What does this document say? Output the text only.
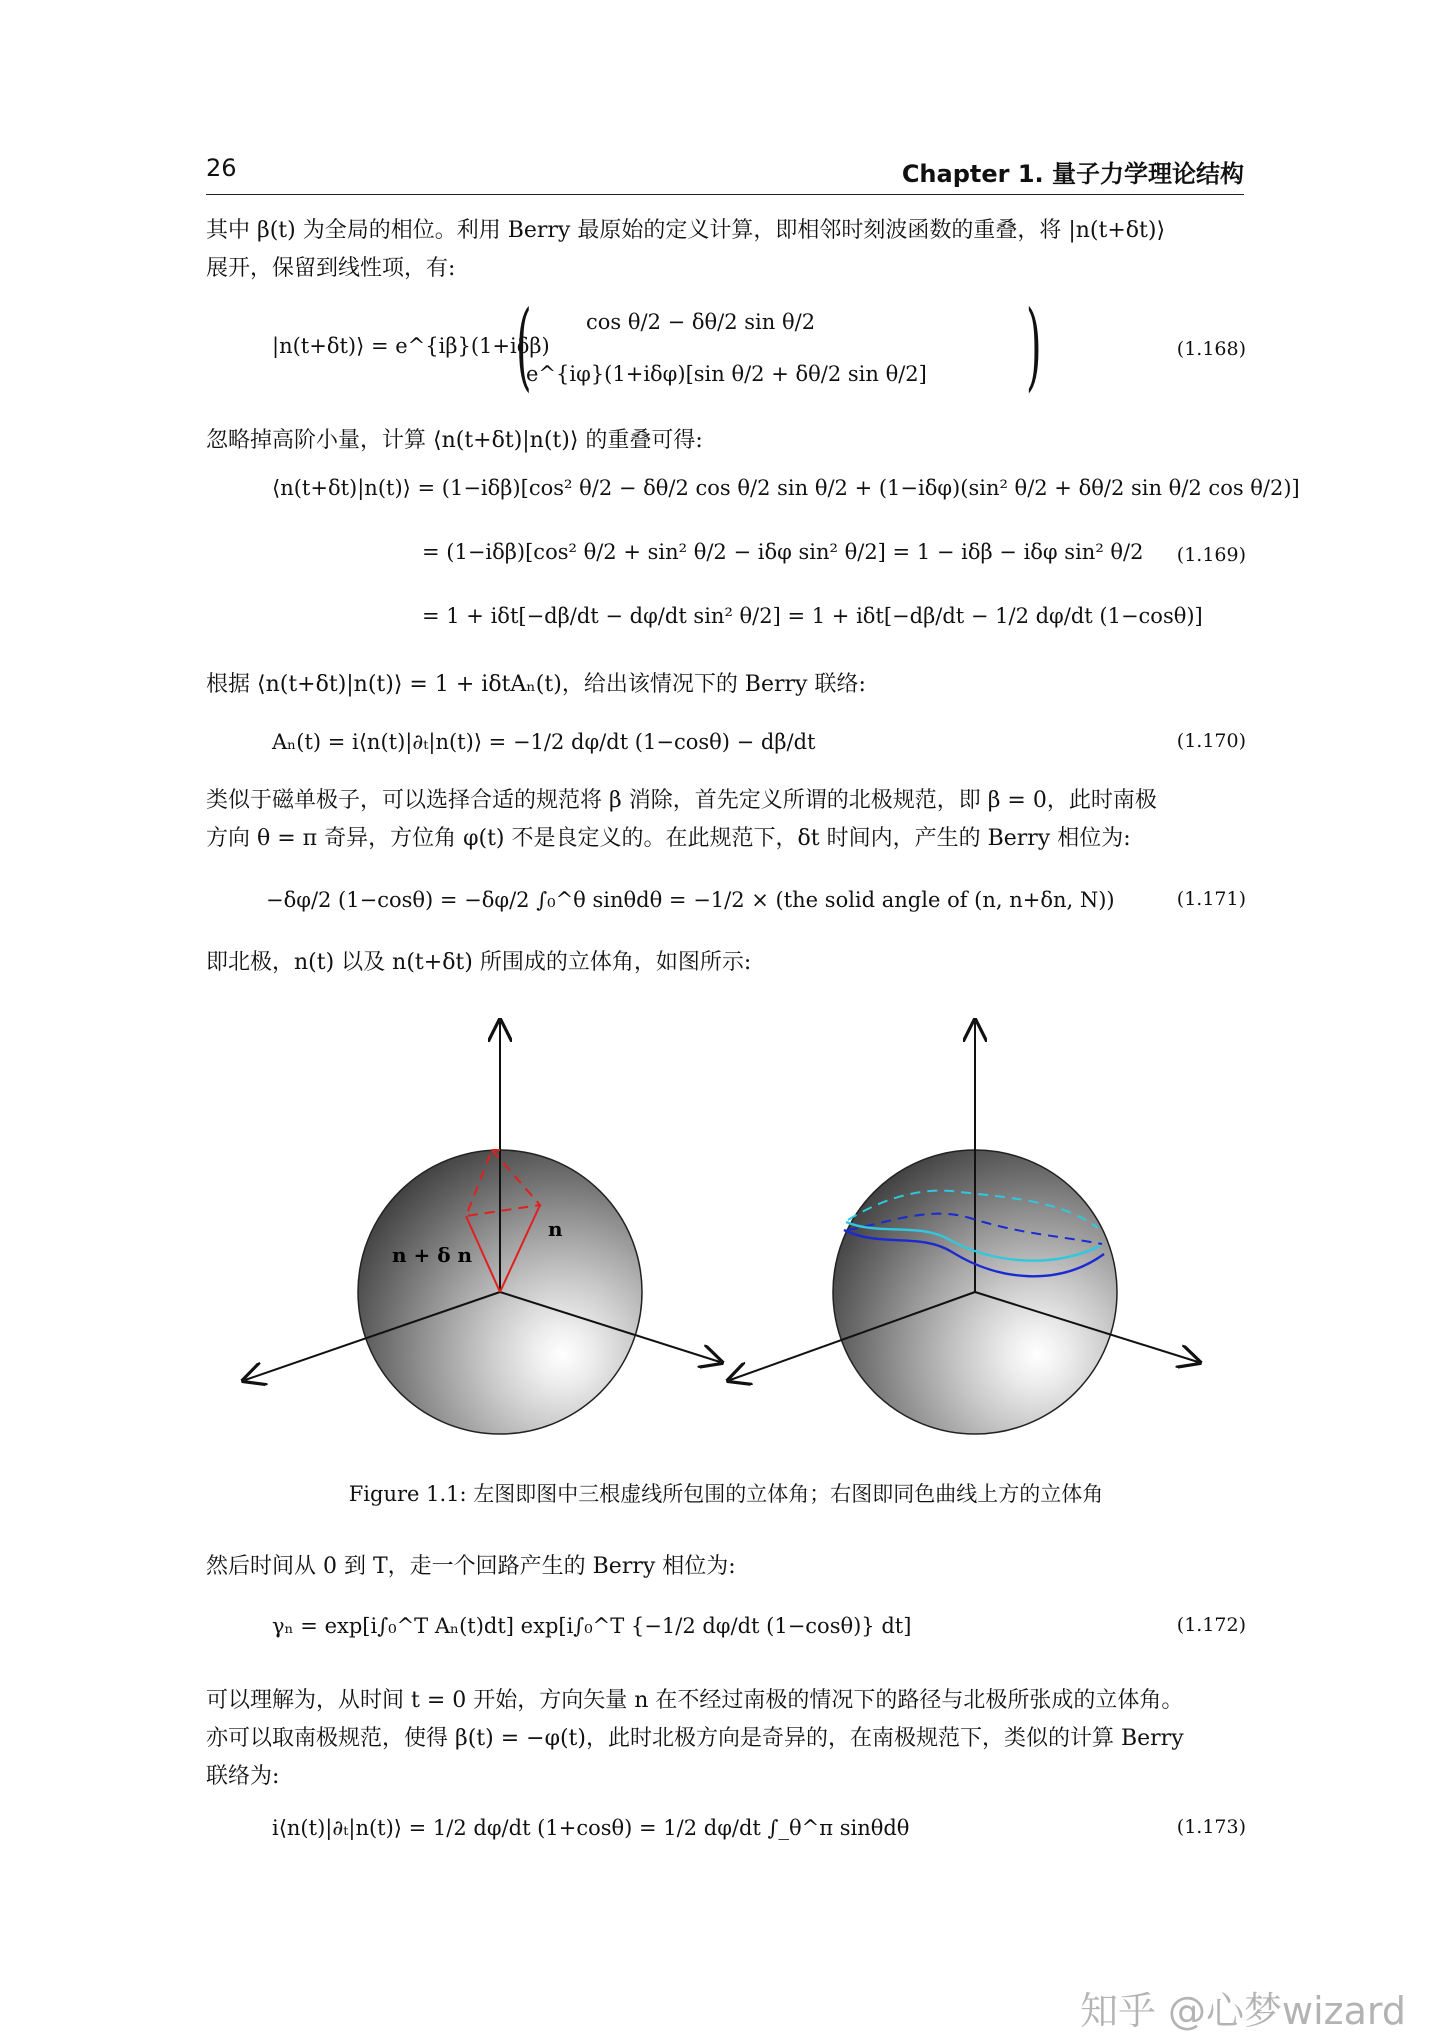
26	Chapter 1. 量子力学理论结构
其中 β(t) 为全局的相位。利用 Berry 最原始的定义计算，即相邻时刻波函数的重叠，将 |n(t+δt)⟩
展开，保留到线性项，有:
|n(t+δt)⟩ = e^{iβ}(1+iδβ)
(	cos θ/2 − δθ/2 sin θ/2
e^{iφ}(1+iδφ)[sin θ/2 + δθ/2 sin θ/2] )	(1.168)
忽略掉高阶小量，计算 ⟨n(t+δt)|n(t)⟩ 的重叠可得:
⟨n(t+δt)|n(t)⟩ = (1−iδβ)[cos² θ/2 − δθ/2 cos θ/2 sin θ/2 + (1−iδφ)(sin² θ/2 + δθ/2 sin θ/2 cos θ/2)]
= (1−iδβ)[cos² θ/2 + sin² θ/2 − iδφ sin² θ/2] = 1 − iδβ − iδφ sin² θ/2
= 1 + iδt[−dβ/dt − dφ/dt sin² θ/2] = 1 + iδt[−dβ/dt − 1/2 dφ/dt (1−cosθ)]
(1.169)
根据 ⟨n(t+δt)|n(t)⟩ = 1 + iδtAₙ(t)，给出该情况下的 Berry 联络:
Aₙ(t) = i⟨n(t)|∂ₜ|n(t)⟩ = −1/2 dφ/dt (1−cosθ) − dβ/dt	(1.170)
类似于磁单极子，可以选择合适的规范将 β 消除，首先定义所谓的北极规范，即 β = 0，此时南极
方向 θ = π 奇异，方位角 φ(t) 不是良定义的。在此规范下，δt 时间内，产生的 Berry 相位为:
−δφ/2 (1−cosθ) = −δφ/2 ∫₀^θ sinθdθ = −1/2 × (the solid angle of (n, n+δn, N))	(1.171)
即北极，n(t) 以及 n(t+δt) 所围成的立体角，如图所示:
n
n + δ n
Figure 1.1: 左图即图中三根虚线所包围的立体角；右图即同色曲线上方的立体角
然后时间从 0 到 T，走一个回路产生的 Berry 相位为:
γₙ = exp[i∫₀^T Aₙ(t)dt] exp[i∫₀^T {−1/2 dφ/dt (1−cosθ)} dt]	(1.172)
可以理解为，从时间 t = 0 开始，方向矢量 n 在不经过南极的情况下的路径与北极所张成的立体角。
亦可以取南极规范，使得 β(t) = −φ(t)，此时北极方向是奇异的，在南极规范下，类似的计算 Berry
联络为:
i⟨n(t)|∂ₜ|n(t)⟩ = 1/2 dφ/dt (1+cosθ) = 1/2 dφ/dt ∫_θ^π sinθdθ	(1.173)
知乎 @心梦wizard
